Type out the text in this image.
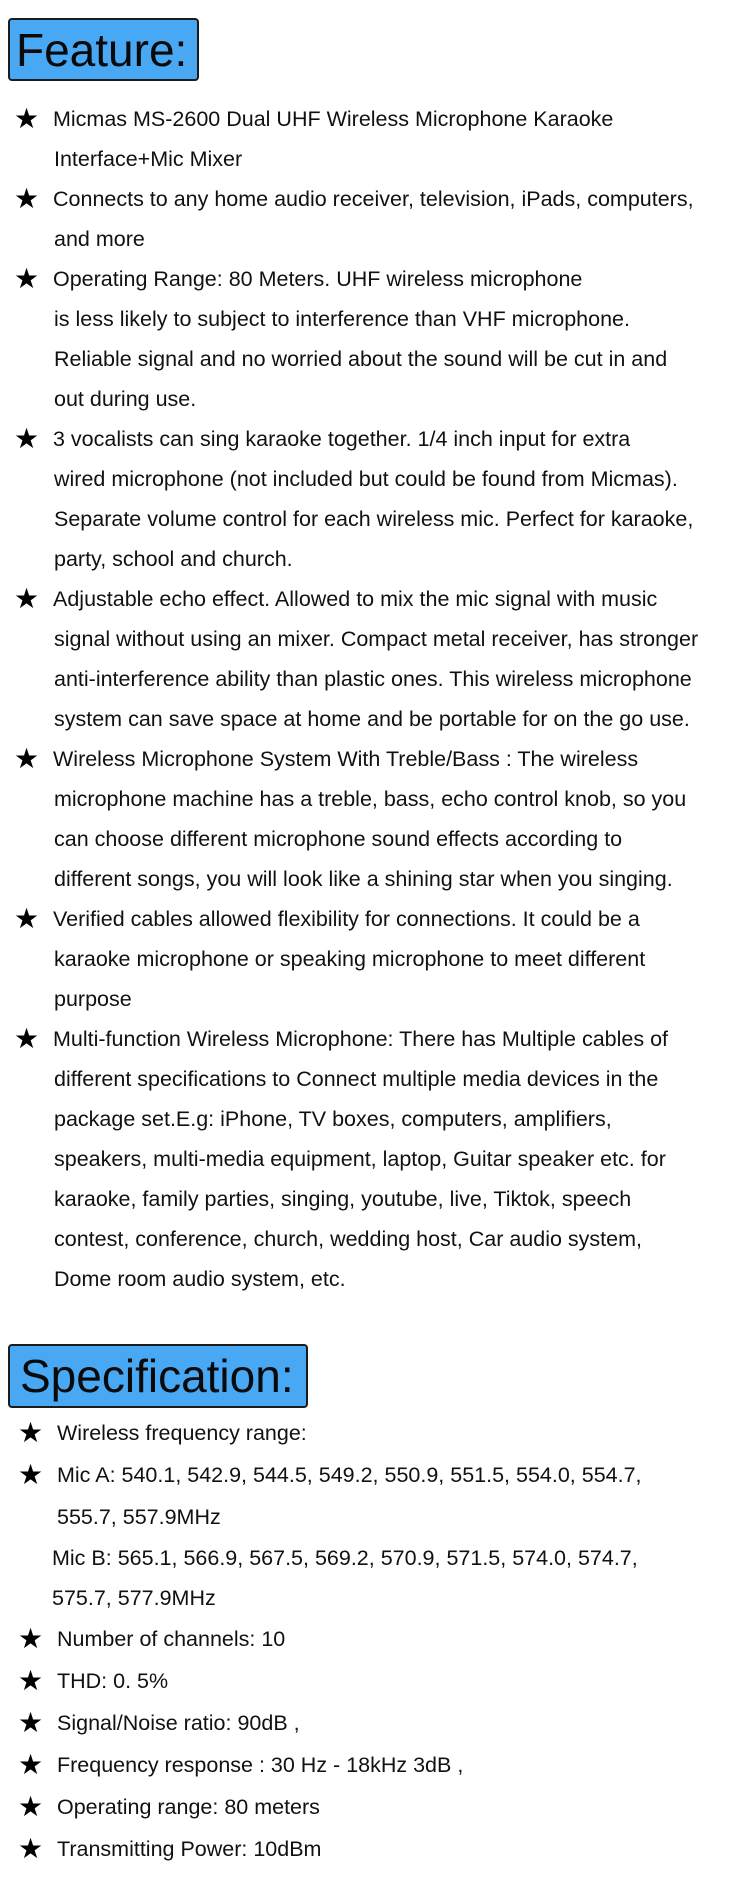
Feature:
★ Micmas MS-2600 Dual UHF Wireless Microphone Karaoke
Interface+Mic Mixer
★ Connects to any home audio receiver, television, iPads, computers,
and more
★ Operating Range: 80 Meters. UHF wireless microphone
is less likely to subject to interference than VHF microphone.
Reliable signal and no worried about the sound will be cut in and
out during use.
★ 3 vocalists can sing karaoke together. 1/4 inch input for extra
wired microphone (not included but could be found from Micmas).
Separate volume control for each wireless mic. Perfect for karaoke,
party, school and church.
★ Adjustable echo effect. Allowed to mix the mic signal with music
signal without using an mixer. Compact metal receiver, has stronger
anti-interference ability than plastic ones. This wireless microphone
system can save space at home and be portable for on the go use.
★ Wireless Microphone System With Treble/Bass : The wireless
microphone machine has a treble, bass, echo control knob, so you
can choose different microphone sound effects according to
different songs, you will look like a shining star when you singing.
★ Verified cables allowed flexibility for connections. It could be a
karaoke microphone or speaking microphone to meet different
purpose
★ Multi-function Wireless Microphone: There has Multiple cables of
different specifications to Connect multiple media devices in the
package set.E.g: iPhone, TV boxes, computers, amplifiers,
speakers, multi-media equipment, laptop, Guitar speaker etc. for
karaoke, family parties, singing, youtube, live, Tiktok, speech
contest, conference, church, wedding host, Car audio system,
Dome room audio system, etc.
Specification:
★ Wireless frequency range:
★ Mic A: 540.1, 542.9, 544.5, 549.2, 550.9, 551.5, 554.0, 554.7,
555.7, 557.9MHz
Mic B: 565.1, 566.9, 567.5, 569.2, 570.9, 571.5, 574.0, 574.7,
575.7, 577.9MHz
★ Number of channels: 10
★ THD: 0. 5%
★ Signal/Noise ratio: 90dB ,
★ Frequency response : 30 Hz - 18kHz 3dB ,
★ Operating range: 80 meters
★ Transmitting Power: 10dBm
